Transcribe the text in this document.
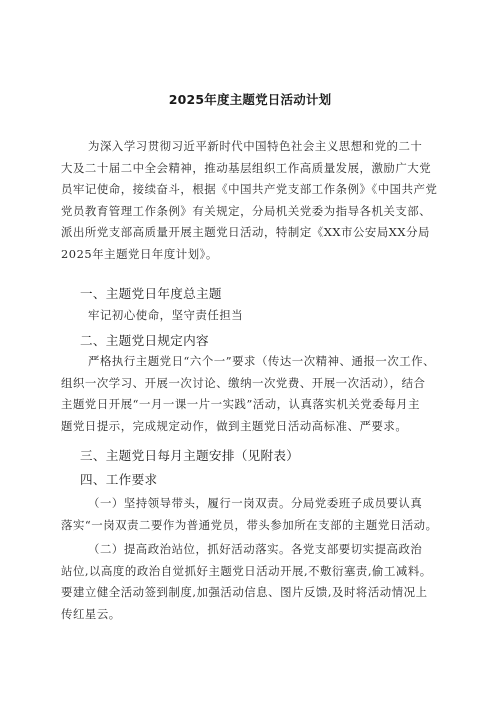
2025年度主题党日活动计划
为深入学习贯彻习近平新时代中国特色社会主义思想和党的二十
大及二十届二中全会精神，推动基层组织工作高质量发展，激励广大党
员牢记使命，接续奋斗，根据《中国共产党支部工作条例》《中国共产党
党员教育管理工作条例》有关规定，分局机关党委为指导各机关支部、
派出所党支部高质量开展主题党日活动，特制定《XX市公安局XX分局
2025年主题党日年度计划》。
一、主题党日年度总主题
牢记初心使命，坚守责任担当
二、主题党日规定内容
严格执行主题党日“六个一”要求（传达一次精神、通报一次工作、
组织一次学习、开展一次讨论、缴纳一次党费、开展一次活动），结合
主题党日开展“一月一课一片一实践”活动，认真落实机关党委每月主
题党日提示，完成规定动作，做到主题党日活动高标准、严要求。
三、主题党日每月主题安排（见附表）
四、工作要求
（一）坚持领导带头，履行一岗双责。分局党委班子成员要认真
落实“一岗双责二要作为普通党员，带头参加所在支部的主题党日活动。
（二）提高政治站位，抓好活动落实。各党支部要切实提高政治
站位,以高度的政治自觉抓好主题党日活动开展,不敷衍塞责,偷工减料。
要建立健全活动签到制度,加强活动信息、图片反馈,及时将活动情况上
传红星云。
